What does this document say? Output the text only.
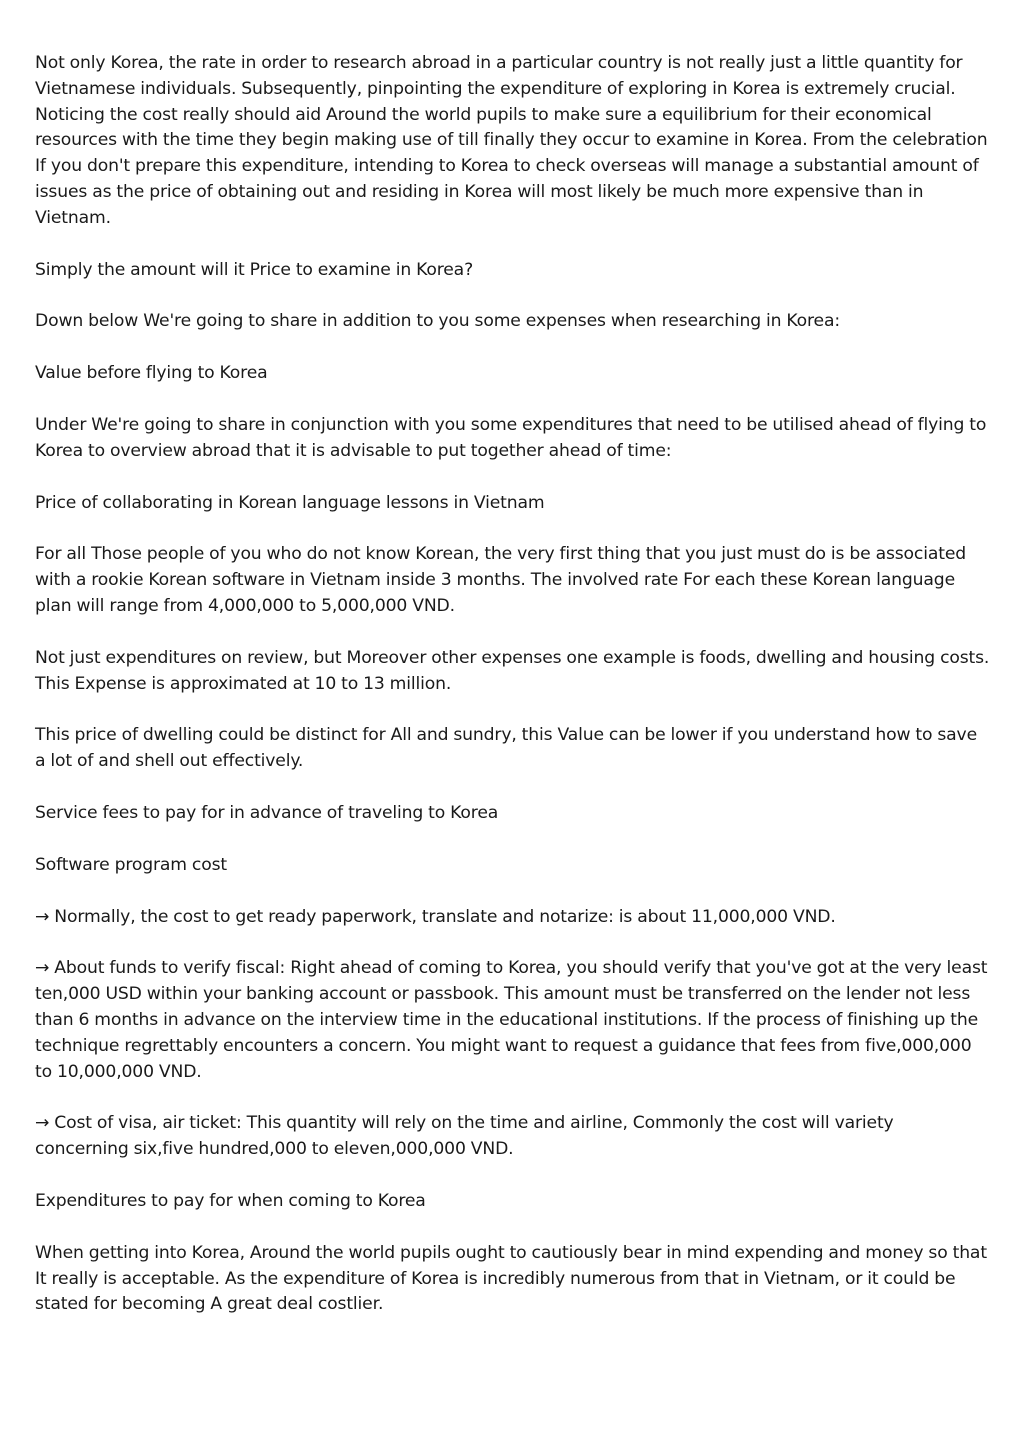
Not only Korea, the rate in order to research abroad in a particular country is not really just a little quantity for Vietnamese individuals. Subsequently, pinpointing the expenditure of exploring in Korea is extremely crucial. Noticing the cost really should aid Around the world pupils to make sure a equilibrium for their economical resources with the time they begin making use of till finally they occur to examine in Korea. From the celebration If you don't prepare this expenditure, intending to Korea to check overseas will manage a substantial amount of issues as the price of obtaining out and residing in Korea will most likely be much more expensive than in Vietnam.

Simply the amount will it Price to examine in Korea?

Down below We're going to share in addition to you some expenses when researching in Korea:

Value before flying to Korea

Under We're going to share in conjunction with you some expenditures that need to be utilised ahead of flying to Korea to overview abroad that it is advisable to put together ahead of time:

Price of collaborating in Korean language lessons in Vietnam

For all Those people of you who do not know Korean, the very first thing that you just must do is be associated with a rookie Korean software in Vietnam inside 3 months. The involved rate For each these Korean language plan will range from 4,000,000 to 5,000,000 VND.

Not just expenditures on review, but Moreover other expenses one example is foods, dwelling and housing costs. This Expense is approximated at 10 to 13 million.

This price of dwelling could be distinct for All and sundry, this Value can be lower if you understand how to save a lot of and shell out effectively.

Service fees to pay for in advance of traveling to Korea

Software program cost

→ Normally, the cost to get ready paperwork, translate and notarize: is about 11,000,000 VND.

→ About funds to verify fiscal: Right ahead of coming to Korea, you should verify that you've got at the very least ten,000 USD within your banking account or passbook. This amount must be transferred on the lender not less than 6 months in advance on the interview time in the educational institutions. If the process of finishing up the technique regrettably encounters a concern. You might want to request a guidance that fees from five,000,000 to 10,000,000 VND.

→ Cost of visa, air ticket: This quantity will rely on the time and airline, Commonly the cost will variety concerning six,five hundred,000 to eleven,000,000 VND.

Expenditures to pay for when coming to Korea

When getting into Korea, Around the world pupils ought to cautiously bear in mind expending and money so that It really is acceptable. As the expenditure of Korea is incredibly numerous from that in Vietnam, or it could be stated for becoming A great deal costlier.
